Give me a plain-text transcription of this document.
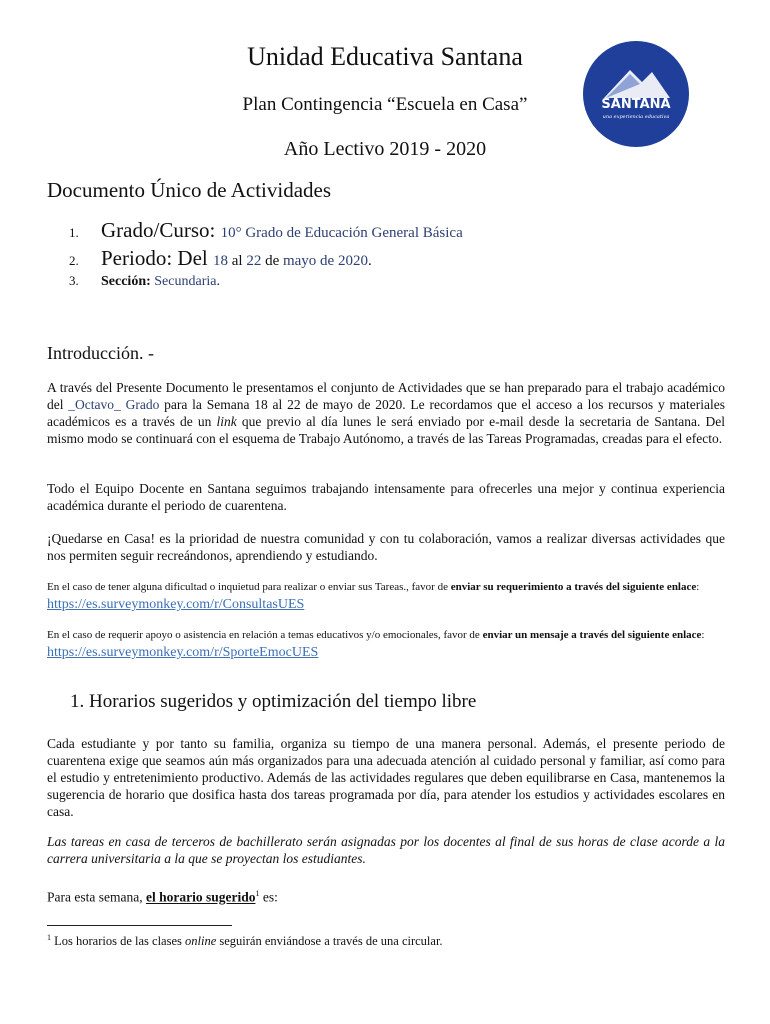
Unidad Educativa Santana
Plan Contingencia “Escuela en Casa”
Año Lectivo 2019 - 2020
SANTANA
una experiencia educativa
Documento Único de Actividades
1. Grado/Curso: 10° Grado de Educación General Básica
2. Periodo: Del 18 al 22 de mayo de 2020.
3. Sección: Secundaria.
Introducción. -
A través del Presente Documento le presentamos el conjunto de Actividades que se han preparado para el trabajo académico del _Octavo_ Grado para la Semana 18 al 22 de mayo de 2020. Le recordamos que el acceso a los recursos y materiales académicos es a través de un link que previo al día lunes le será enviado por e-mail desde la secretaria de Santana. Del mismo modo se continuará con el esquema de Trabajo Autónomo, a través de las Tareas Programadas, creadas para el efecto.
Todo el Equipo Docente en Santana seguimos trabajando intensamente para ofrecerles una mejor y continua experiencia académica durante el periodo de cuarentena.
¡Quedarse en Casa! es la prioridad de nuestra comunidad y con tu colaboración, vamos a realizar diversas actividades que nos permiten seguir recreándonos, aprendiendo y estudiando.
En el caso de tener alguna dificultad o inquietud para realizar o enviar sus Tareas., favor de enviar su requerimiento a través del siguiente enlace: https://es.surveymonkey.com/r/ConsultasUES
En el caso de requerir apoyo o asistencia en relación a temas educativos y/o emocionales, favor de enviar un mensaje a través del siguiente enlace: https://es.surveymonkey.com/r/SporteEmocUES
1. Horarios sugeridos y optimización del tiempo libre
Cada estudiante y por tanto su familia, organiza su tiempo de una manera personal. Además, el presente periodo de cuarentena exige que seamos aún más organizados para una adecuada atención al cuidado personal y familiar, así como para el estudio y entretenimiento productivo. Además de las actividades regulares que deben equilibrarse en Casa, mantenemos la sugerencia de horario que dosifica hasta dos tareas programada por día, para atender los estudios y actividades escolares en casa.
Las tareas en casa de terceros de bachillerato serán asignadas por los docentes al final de sus horas de clase acorde a la carrera universitaria a la que se proyectan los estudiantes.
Para esta semana, el horario sugerido$^1$ es:
$^1$ Los horarios de las clases online seguirán enviándose a través de una circular.
